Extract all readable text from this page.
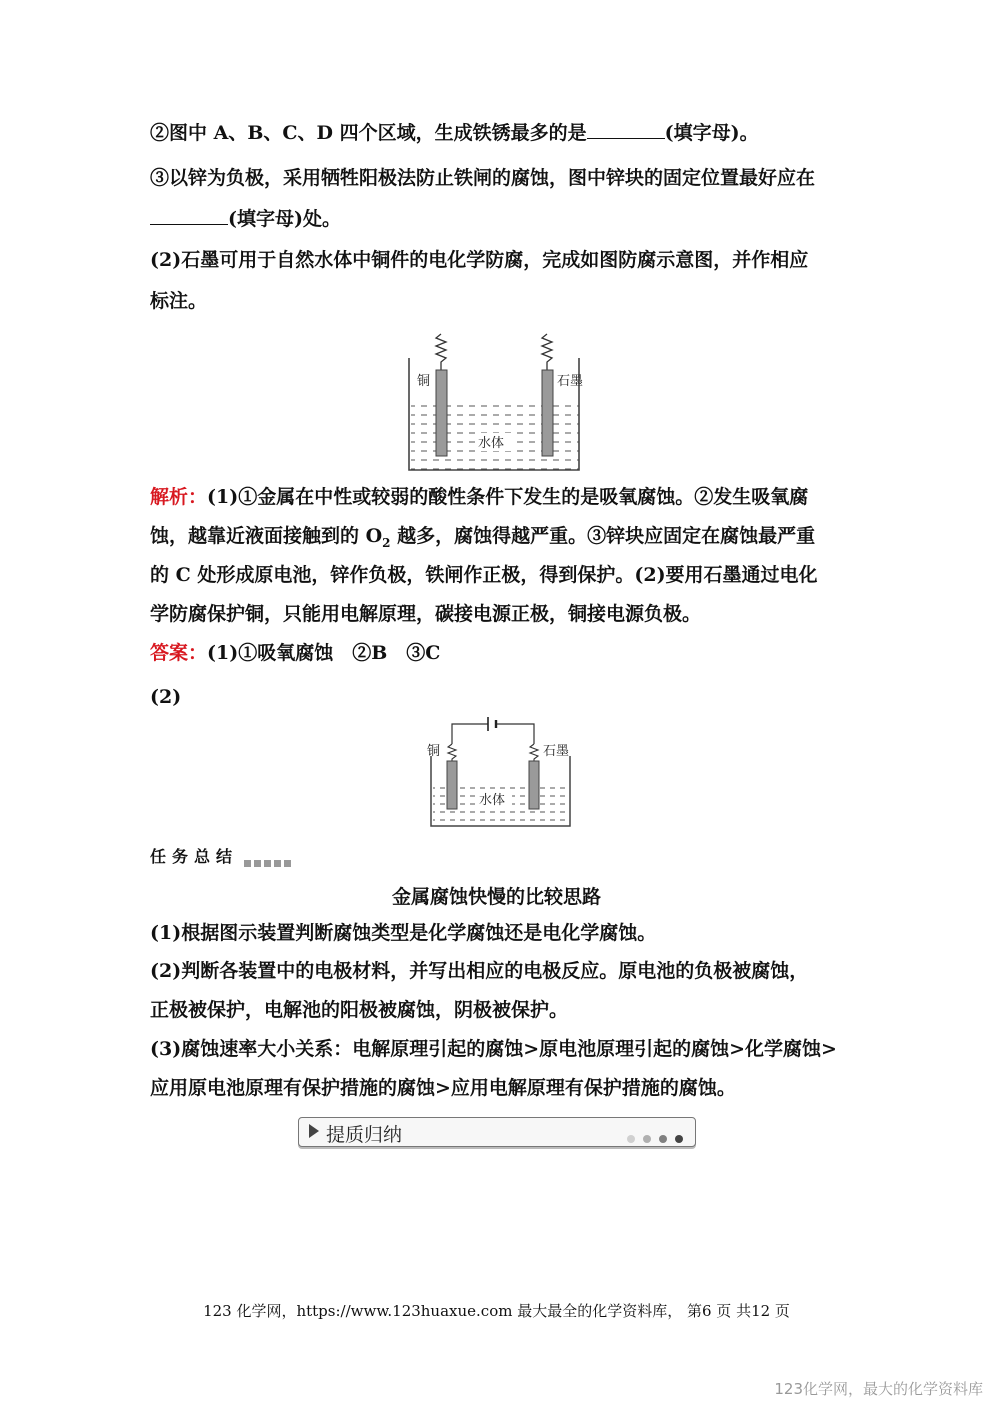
②图中 A、B、C、D 四个区域，生成铁锈最多的是	(填字母)。
③以锌为负极，采用牺牲阳极法防止铁闸的腐蚀，图中锌块的固定位置最好应在
(填字母)处。
(2)石墨可用于自然水体中铜件的电化学防腐，完成如图防腐示意图，并作相应
标注。
铜	石墨
水体
解析：(1)①金属在中性或较弱的酸性条件下发生的是吸氧腐蚀。②发生吸氧腐
蚀，越靠近液面接触到的 $O_2$ 越多，腐蚀得越严重。③锌块应固定在腐蚀最严重
的 C 处形成原电池，锌作负极，铁闸作正极，得到保护。(2)要用石墨通过电化
学防腐保护铜，只能用电解原理，碳接电源正极，铜接电源负极。
答案：(1)①吸氧腐蚀　②B　③C
(2)
铜	石墨
水体
任务总结
金属腐蚀快慢的比较思路
(1)根据图示装置判断腐蚀类型是化学腐蚀还是电化学腐蚀。
(2)判断各装置中的电极材料，并写出相应的电极反应。原电池的负极被腐蚀，
正极被保护，电解池的阳极被腐蚀，阴极被保护。
(3)腐蚀速率大小关系：电解原理引起的腐蚀>原电池原理引起的腐蚀>化学腐蚀>
应用原电池原理有保护措施的腐蚀>应用电解原理有保护措施的腐蚀。
提质归纳
123 化学网，https://www.123huaxue.com 最大最全的化学资料库， 第6 页 共12 页
123化学网，最大的化学资料库
